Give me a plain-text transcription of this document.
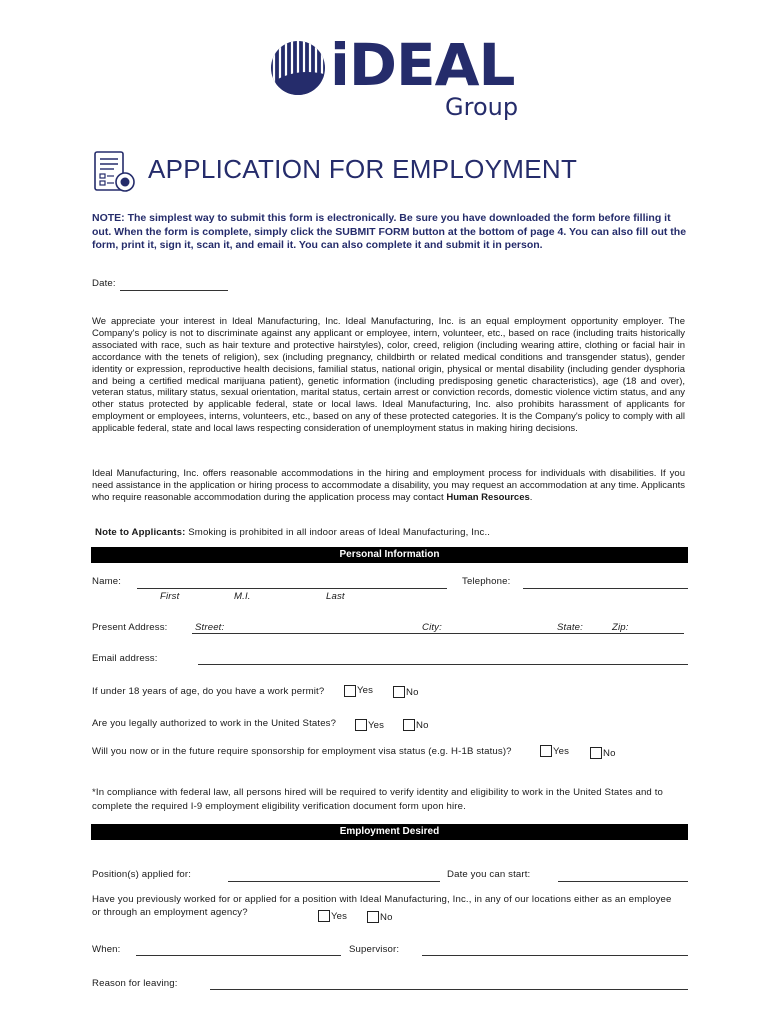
iDEAL
Group
APPLICATION FOR EMPLOYMENT
NOTE: The simplest way to submit this form is electronically. Be sure you have downloaded the form before filling it out. When the form is complete, simply click the SUBMIT FORM button at the bottom of page 4. You can also fill out the form, print it, sign it, scan it, and email it. You can also complete it and submit it in person.
Date:
We appreciate your interest in Ideal Manufacturing, Inc. Ideal Manufacturing, Inc. is an equal employment opportunity employer. The Company's policy is not to discriminate against any applicant or employee, intern, volunteer, etc., based on race (including traits historically associated with race, such as hair texture and protective hairstyles), color, creed, religion (including wearing attire, clothing or facial hair in accordance with the tenets of religion), sex (including pregnancy, childbirth or related medical conditions and transgender status), gender identity or expression, reproductive health decisions, familial status, national origin, physical or mental disability (including gender dysphoria and being a certified medical marijuana patient), genetic information (including predisposing genetic characteristics), age (18 and over), veteran status, military status, sexual orientation, marital status, certain arrest or conviction records, domestic violence victim status, and any other status protected by applicable federal, state or local laws. Ideal Manufacturing, Inc. also prohibits harassment of applicants for employment or employees, interns, volunteers, etc., based on any of these protected categories. It is the Company's policy to comply with all applicable federal, state and local laws respecting consideration of unemployment status in making hiring decisions.
Ideal Manufacturing, Inc. offers reasonable accommodations in the hiring and employment process for individuals with disabilities. If you need assistance in the application or hiring process to accommodate a disability, you may request an accommodation at any time. Applicants who require reasonable accommodation during the application process may contact Human Resources.
Note to Applicants: Smoking is prohibited in all indoor areas of Ideal Manufacturing, Inc..
Personal Information
Name:
First	M.I.	Last
Telephone:
Present Address:	Street:	City:	State:	Zip:
Email address:
If under 18 years of age, do you have a work permit?	Yes	No
Are you legally authorized to work in the United States?	Yes	No
Will you now or in the future require sponsorship for employment visa status (e.g. H-1B status)?	Yes	No
*In compliance with federal law, all persons hired will be required to verify identity and eligibility to work in the United States and to complete the required I-9 employment eligibility verification document form upon hire.
Employment Desired
Position(s) applied for:	Date you can start:
Have you previously worked for or applied for a position with Ideal Manufacturing, Inc., in any of our locations either as an employee or through an employment agency?	Yes	No
When:	Supervisor:
Reason for leaving:
